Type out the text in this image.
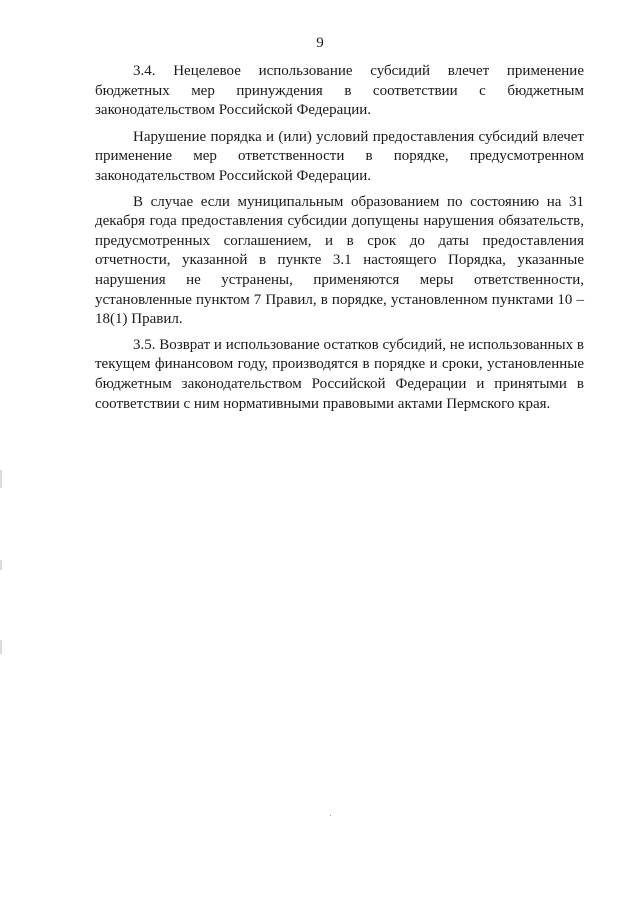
9

3.4. Нецелевое использование субсидий влечет применение бюджетных мер принуждения в соответствии с бюджетным законодательством Российской Федерации.

Нарушение порядка и (или) условий предоставления субсидий влечет применение мер ответственности в порядке, предусмотренном законодательством Российской Федерации.

В случае если муниципальным образованием по состоянию на 31 декабря года предоставления субсидии допущены нарушения обязательств, предусмотренных соглашением, и в срок до даты предоставления отчетности, указанной в пункте 3.1 настоящего Порядка, указанные нарушения не устранены, применяются меры ответственности, установленные пунктом 7 Правил, в порядке, установленном пунктами 10 – 18(1) Правил.

3.5. Возврат и использование остатков субсидий, не использованных в текущем финансовом году, производятся в порядке и сроки, установленные бюджетным законодательством Российской Федерации и принятыми в соответствии с ним нормативными правовыми актами Пермского края.
